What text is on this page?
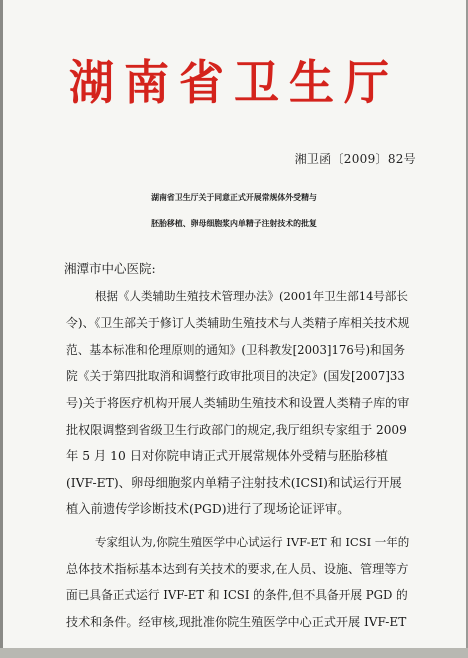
湖南省卫生厅
湘卫函〔2009〕82号
湖南省卫生厅关于同意正式开展常规体外受精与
胚胎移植、卵母细胞浆内单精子注射技术的批复
湘潭市中心医院:
根据《人类辅助生殖技术管理办法》(2001年卫生部14号部长
令)、《卫生部关于修订人类辅助生殖技术与人类精子库相关技术规
范、基本标准和伦理原则的通知》(卫科教发[2003]176号)和国务
院《关于第四批取消和调整行政审批项目的决定》(国发[2007]33
号)关于将医疗机构开展人类辅助生殖技术和设置人类精子库的审
批权限调整到省级卫生行政部门的规定,我厅组织专家组于 2009
年 5 月 10 日对你院申请正式开展常规体外受精与胚胎移植
(IVF-ET)、卵母细胞浆内单精子注射技术(ICSI)和试运行开展
植入前遗传学诊断技术(PGD)进行了现场论证评审。
专家组认为,你院生殖医学中心试运行 IVF-ET 和 ICSI 一年的
总体技术指标基本达到有关技术的要求,在人员、设施、管理等方
面已具备正式运行 IVF-ET 和 ICSI 的条件,但不具备开展 PGD 的
技术和条件。经审核,现批准你院生殖医学中心正式开展 IVF-ET
